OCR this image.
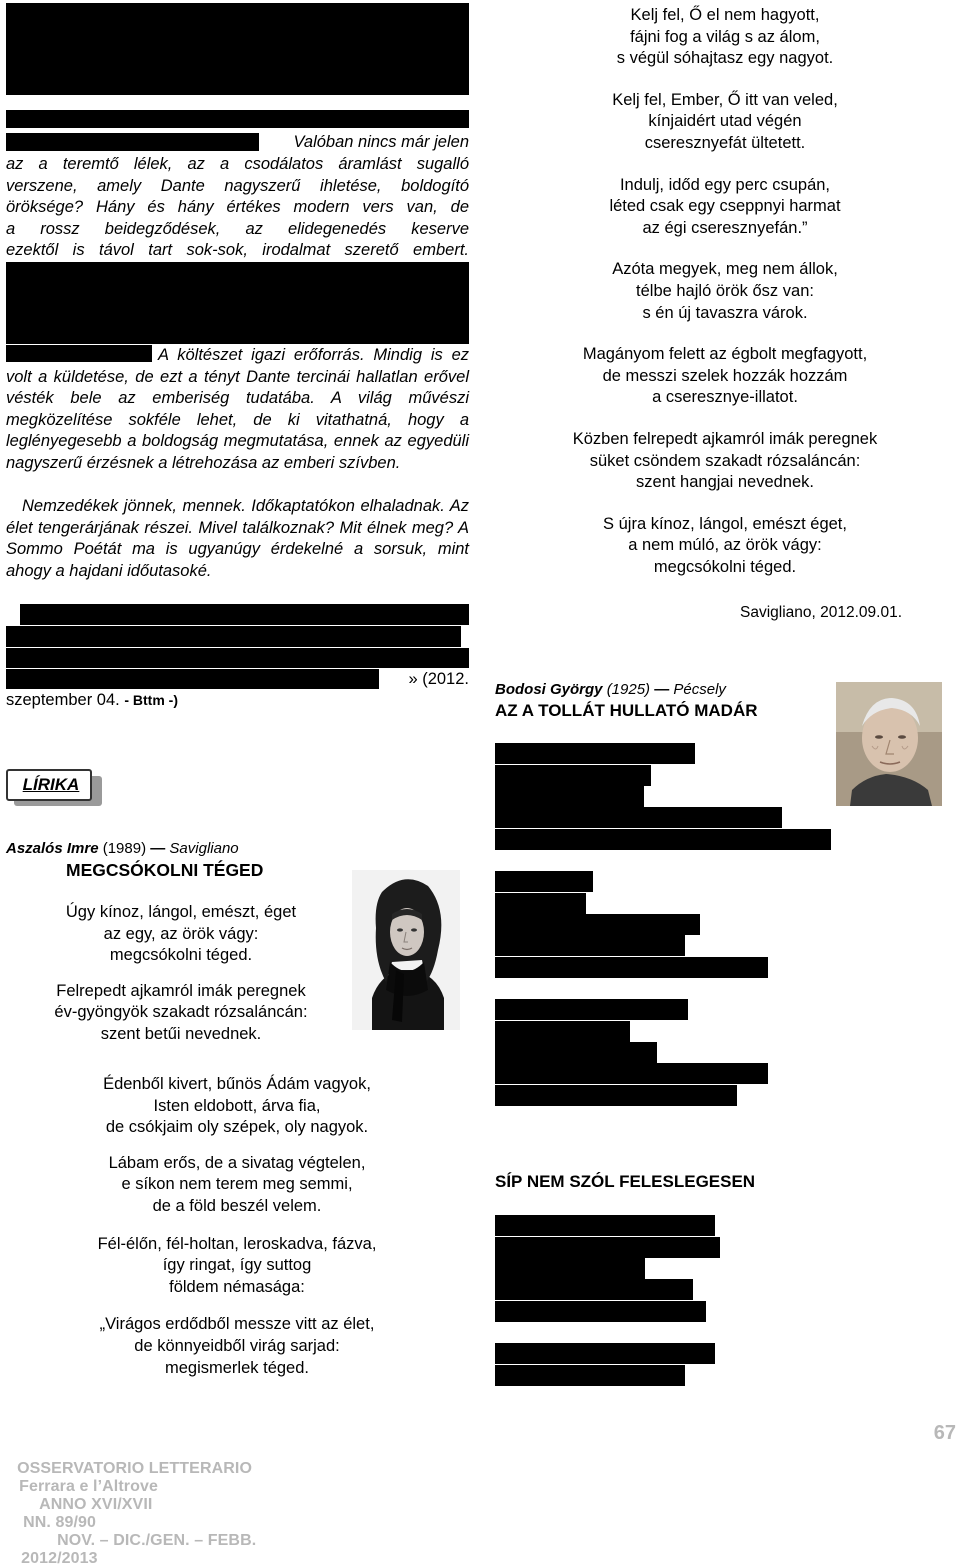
Valóban nincs már jelen
az a teremtő lélek, az a csodálatos áramlást sugalló
verszene, amely Dante nagyszerű ihletése, boldogító
öröksége? Hány és hány értékes modern vers van, de
a rossz beidegződések, az elidegenedés keserve
ezektől is távol tart sok-sok, irodalmat szerető embert.
A költészet igazi erőforrás. Mindig is ez volt a küldetése, de ezt a tényt Dante tercinái hallatlan erővel vésték bele az emberiség tudatába. A világ művészi megközelítése sokféle lehet, de ki vitathatná, hogy a leglényegesebb a boldogság megmutatása, ennek az egyedüli nagyszerű érzésnek a létrehozása az emberi szívben.
Nemzedékek jönnek, mennek. Időkaptatókon elhaladnak. Az élet tengerárjának részei. Mivel találkoznak? Mit élnek meg? A Sommo Poétát ma is ugyanúgy érdekelné a sorsuk, mint ahogy a hajdani időutasoké.
» (2012.
szeptember 04. - Bttm -)
LÍRIKA
Aszalós Imre (1989) — Savigliano
MEGCSÓKOLNI TÉGED

Úgy kínoz, lángol, emészt, éget

az egy, az örök vágy:

megcsókolni téged.

Felrepedt ajkamról imák peregnek

év-gyöngyök szakadt rózsaláncán:

szent betűi nevednek.

Édenből kivert, bűnös Ádám vagyok,

Isten eldobott, árva fia,

de csókjaim oly szépek, oly nagyok.

Lábam erős, de a sivatag végtelen,

e síkon nem terem meg semmi,

de a föld beszél velem.

Fél-élőn, fél-holtan, leroskadva, fázva,

így ringat, így suttog

földem némasága:

„Virágos erdődből messze vitt az élet,

de könnyeidből virág sarjad:

megismerlek téged.

Kelj fel, Ő el nem hagyott,

fájni fog a világ s az álom,

s végül sóhajtasz egy nagyot.

Kelj fel, Ember, Ő itt van veled,

kínjaidért utad végén

cseresznyefát ültetett.

Indulj, időd egy perc csupán,

léted csak egy cseppnyi harmat

az égi cseresznyefán.”

Azóta megyek, meg nem állok,

télbe hajló örök ősz van:

s én új tavaszra várok.

Magányom felett az égbolt megfagyott,

de messzi szelek hozzák hozzám

a cseresznye-illatot.

Közben felrepedt ajkamról imák peregnek

süket csöndem szakadt rózsaláncán:

szent hangjai nevednek.

S újra kínoz, lángol, emészt éget,

a nem múló, az örök vágy:

megcsókolni téged.

Savigliano, 2012.09.01.
Bodosi György (1925) — Pécsely
AZ A TOLLÁT HULLATÓ MADÁR
SÍP NEM SZÓL FELESLEGESEN
67

OSSERVATORIO LETTERARIO
Ferrara e l’Altrove
ANNO XVI/XVII
NN. 89/90
NOV. – DIC./GEN. – FEBB.
2012/2013
